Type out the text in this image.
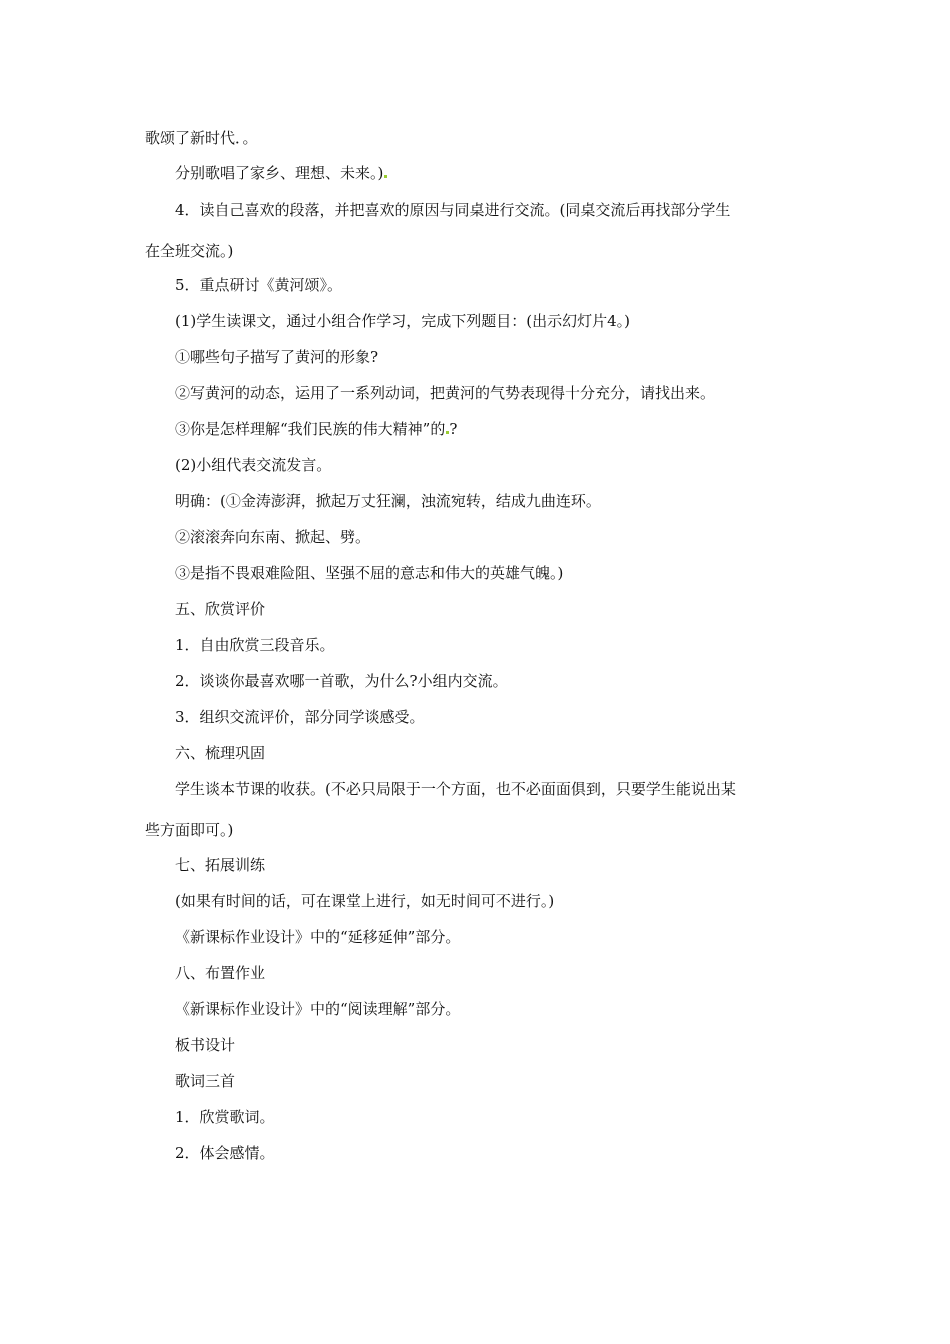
歌颂了新时代．。
分别歌唱了家乡、理想、未来。)
4．读自己喜欢的段落，并把喜欢的原因与同桌进行交流。(同桌交流后再找部分学生
在全班交流。)
5．重点研讨《黄河颂》。
(1)学生读课文，通过小组合作学习，完成下列题目：(出示幻灯片4。)
①哪些句子描写了黄河的形象?
②写黄河的动态，运用了一系列动词，把黄河的气势表现得十分充分，请找出来。
③你是怎样理解“我们民族的伟大精神”的 ?
(2)小组代表交流发言。
明确：(①金涛澎湃，掀起万丈狂澜，浊流宛转，结成九曲连环。
②滚滚奔向东南、掀起、劈。
③是指不畏艰难险阻、坚强不屈的意志和伟大的英雄气魄。)
五、欣赏评价
1．自由欣赏三段音乐。
2．谈谈你最喜欢哪一首歌，为什么?小组内交流。
3．组织交流评价，部分同学谈感受。
六、梳理巩固
学生谈本节课的收获。(不必只局限于一个方面，也不必面面俱到，只要学生能说出某
些方面即可。)
七、拓展训练
(如果有时间的话，可在课堂上进行，如无时间可不进行。)
《新课标作业设计》中的“延移延伸”部分。
八、布置作业
《新课标作业设计》中的“阅读理解”部分。
板书设计
歌词三首
1．欣赏歌词。
2．体会感情。
